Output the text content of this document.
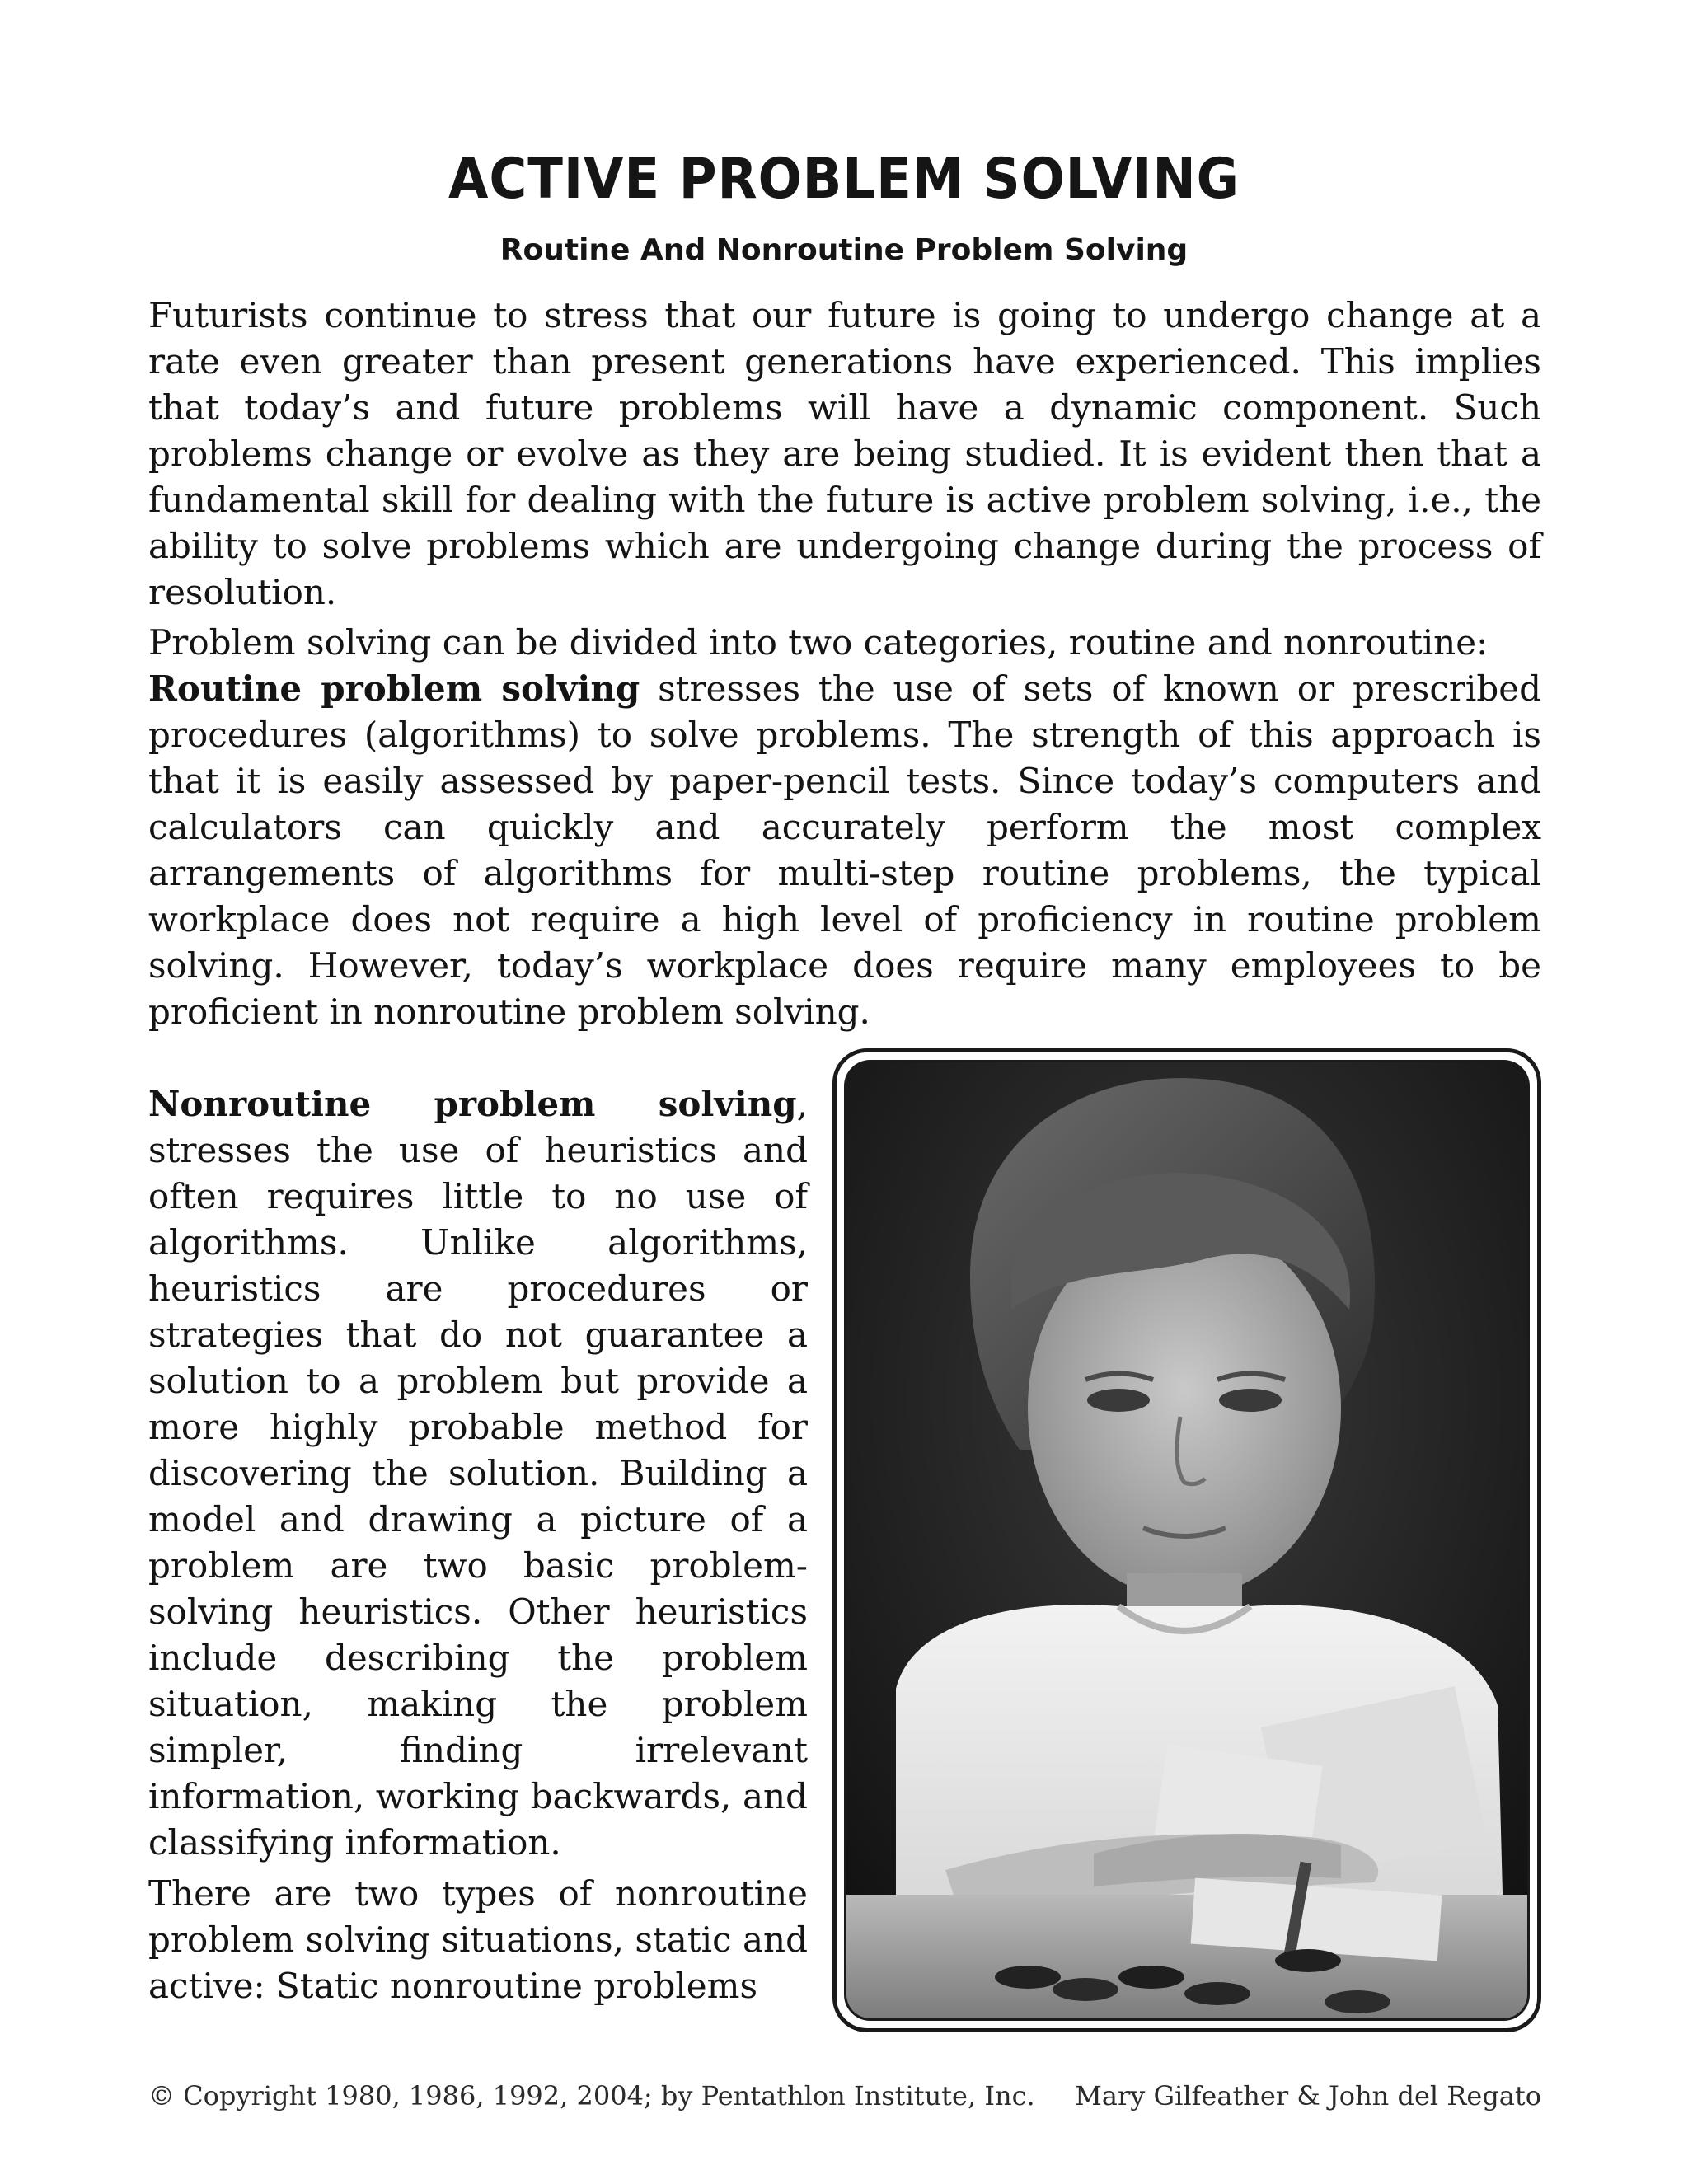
ACTIVE PROBLEM SOLVING
Routine And Nonroutine Problem Solving

Futurists continue to stress that our future is going to undergo change at a rate even greater than present generations have experienced. This implies that today’s and future problems will have a dynamic component. Such problems change or evolve as they are being studied. It is evident then that a fundamental skill for dealing with the future is active problem solving, i.e., the ability to solve problems which are undergoing change during the process of resolution.

Problem solving can be divided into two categories, routine and nonroutine:
Routine problem solving stresses the use of sets of known or prescribed procedures (algorithms) to solve problems. The strength of this approach is that it is easily assessed by paper-pencil tests. Since today’s computers and calculators can quickly and accurately perform the most complex arrangements of algorithms for multi-step routine problems, the typical workplace does not require a high level of proficiency in routine problem solving. However, today’s workplace does require many employees to be proficient in nonroutine problem solving.

Nonroutine problem solving, stresses the use of heuristics and often requires little to no use of algorithms. Unlike algorithms, heuristics are procedures or strategies that do not guarantee a solution to a problem but provide a more highly probable method for discovering the solution. Building a model and drawing a picture of a problem are two basic problem-solving heuristics. Other heuristics include describing the problem situation, making the problem simpler, finding irrelevant information, working backwards, and classifying information.

There are two types of nonroutine problem solving situations, static and active: Static nonroutine problems

© Copyright 1980, 1986, 1992, 2004; by Pentathlon Institute, Inc. Mary Gilfeather & John del Regato
